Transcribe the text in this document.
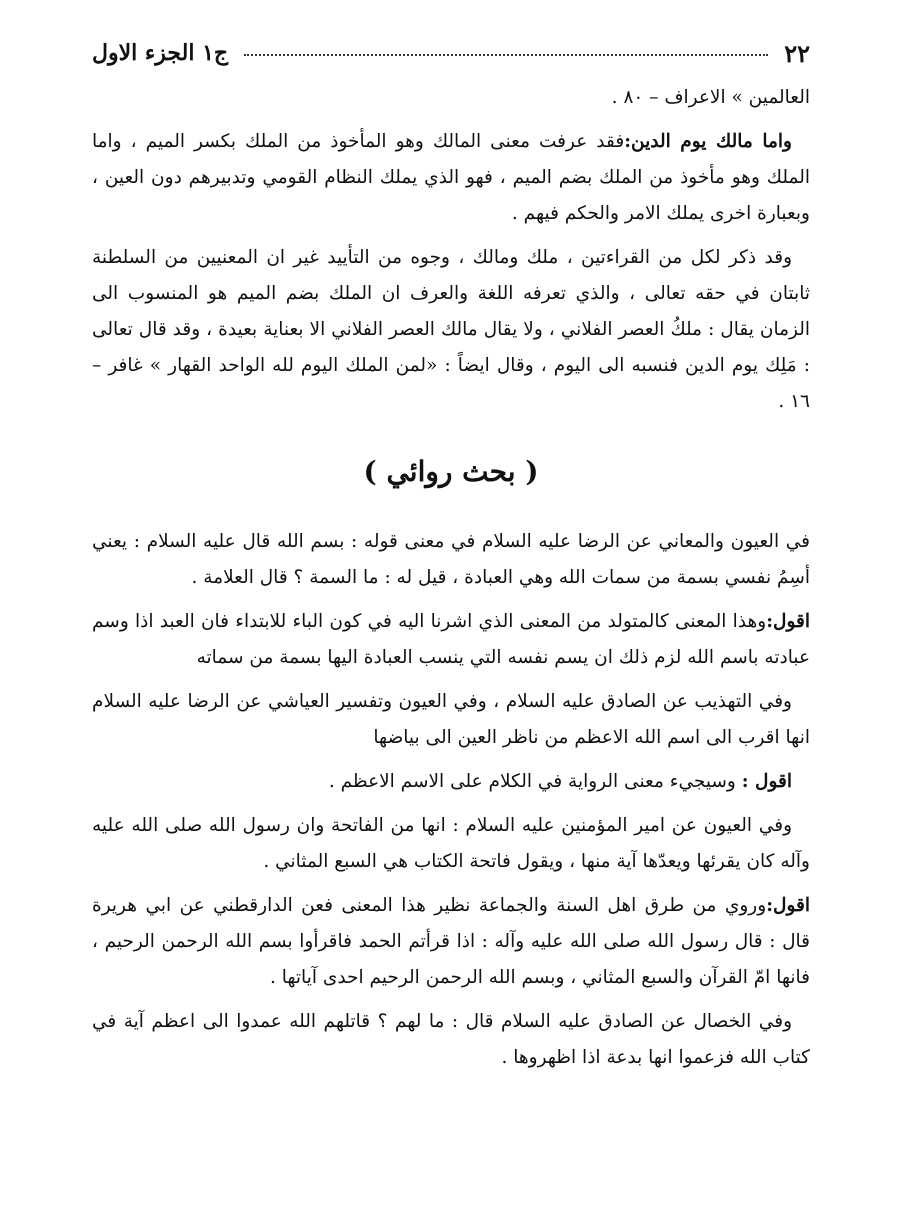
٢٢
ج١ الجزء الاول

العالمين » الاعراف – ٨٠ .

واما مالك يوم الدين:فقد عرفت معنى المالك وهو المأخوذ من الملك بكسر الميم ، واما الملك وهو مأخوذ من الملك بضم الميم ، فهو الذي يملك النظام القومي وتدبيرهم دون العين ، وبعبارة اخرى يملك الامر والحكم فيهم .

وقد ذكر لكل من القراءتين ، ملك ومالك ، وجوه من التأييد غير ان المعنيين من السلطنة ثابتان في حقه تعالى ، والذي تعرفه اللغة والعرف ان الملك بضم الميم هو المنسوب الى الزمان يقال : ملكُ العصر الفلاني ، ولا يقال مالك العصر الفلاني الا بعناية بعيدة ، وقد قال تعالى : مَلِك يوم الدين فنسبه الى اليوم ، وقال ايضاً : «لمن الملك اليوم لله الواحد القهار » غافر – ١٦ .

( بحث روائي )

في العيون والمعاني عن الرضا عليه السلام في معنى قوله : بسم الله قال عليه السلام : يعني أسِمُ نفسي بسمة من سمات الله وهي العبادة ، قيل له : ما السمة ؟ قال العلامة .

اقول:وهذا المعنى كالمتولد من المعنى الذي اشرنا اليه في كون الباء للابتداء فان العبد اذا وسم عبادته باسم الله لزم ذلك ان يسم نفسه التي ينسب العبادة اليها بسمة من سماته

وفي التهذيب عن الصادق عليه السلام ، وفي العيون وتفسير العياشي عن الرضا عليه السلام انها اقرب الى اسم الله الاعظم من ناظر العين الى بياضها

اقول : وسيجيء معنى الرواية في الكلام على الاسم الاعظم .

وفي العيون عن امير المؤمنين عليه السلام : انها من الفاتحة وان رسول الله صلى الله عليه وآله كان يقرئها ويعدّها آية منها ، ويقول فاتحة الكتاب هي السبع المثاني .

اقول:وروي من طرق اهل السنة والجماعة نظير هذا المعنى فعن الدارقطني عن ابي هريرة قال : قال رسول الله صلى الله عليه وآله : اذا قرأتم الحمد فاقرأوا بسم الله الرحمن الرحيم ، فانها امّ القرآن والسبع المثاني ، وبسم الله الرحمن الرحيم احدى آياتها .

وفي الخصال عن الصادق عليه السلام قال : ما لهم ؟ قاتلهم الله عمدوا الى اعظم آية في كتاب الله فزعموا انها بدعة اذا اظهروها .
